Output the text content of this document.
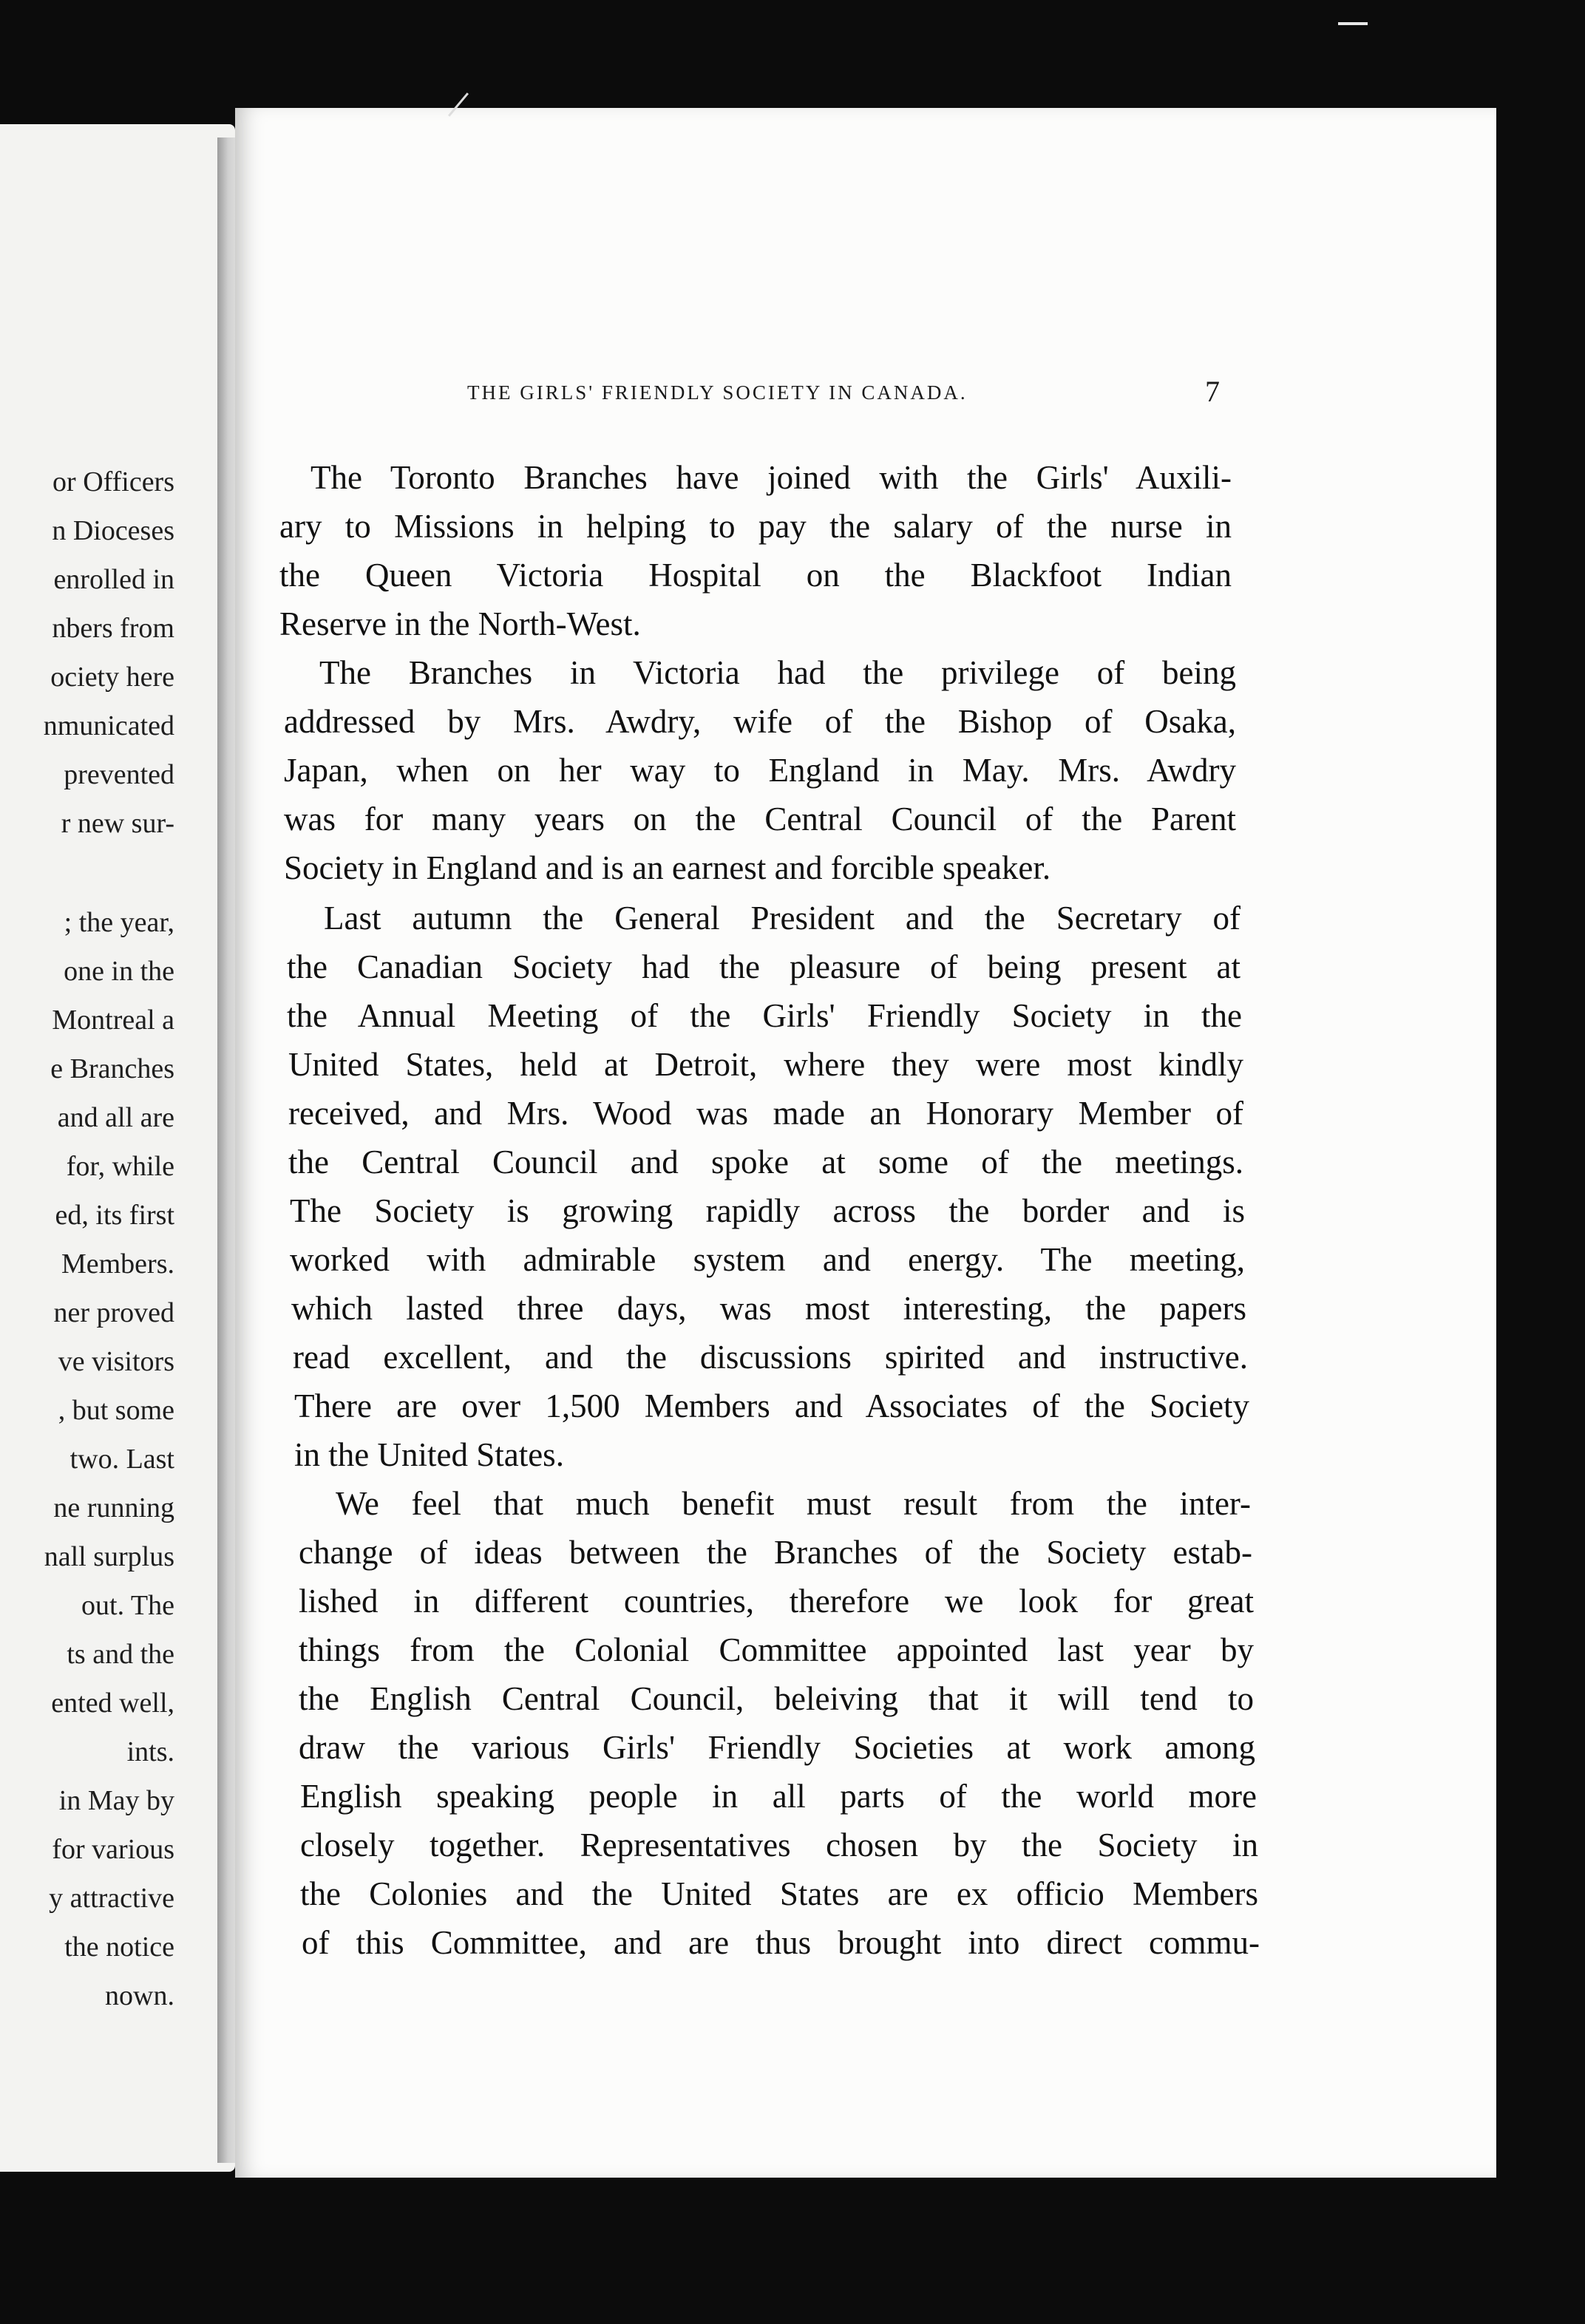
or Officers
n Dioceses
enrolled in
nbers from
ociety here
nmunicated
prevented
r new sur-
; the year,
one in the
Montreal a
e Branches
and all are
for, while
ed, its first
Members.
ner proved
ve visitors
, but some
two. Last
ne running
nall surplus
out. The
ts and the
ented well,
ints.
in May by
for various
y attractive
the notice
nown.
THE GIRLS' FRIENDLY SOCIETY IN CANADA.	7
The Toronto Branches have joined with the Girls' Auxili-
ary to Missions in helping to pay the salary of the nurse in
the Queen Victoria Hospital on the Blackfoot Indian
Reserve in the North-West.
The Branches in Victoria had the privilege of being
addressed by Mrs. Awdry, wife of the Bishop of Osaka,
Japan, when on her way to England in May. Mrs. Awdry
was for many years on the Central Council of the Parent
Society in England and is an earnest and forcible speaker.
Last autumn the General President and the Secretary of
the Canadian Society had the pleasure of being present at
the Annual Meeting of the Girls' Friendly Society in the
United States, held at Detroit, where they were most kindly
received, and Mrs. Wood was made an Honorary Member of
the Central Council and spoke at some of the meetings.
The Society is growing rapidly across the border and is
worked with admirable system and energy. The meeting,
which lasted three days, was most interesting, the papers
read excellent, and the discussions spirited and instructive.
There are over 1,500 Members and Associates of the Society
in the United States.
We feel that much benefit must result from the inter-
change of ideas between the Branches of the Society estab-
lished in different countries, therefore we look for great
things from the Colonial Committee appointed last year by
the English Central Council, beleiving that it will tend to
draw the various Girls' Friendly Societies at work among
English speaking people in all parts of the world more
closely together. Representatives chosen by the Society in
the Colonies and the United States are ex officio Members
of this Committee, and are thus brought into direct commu-
